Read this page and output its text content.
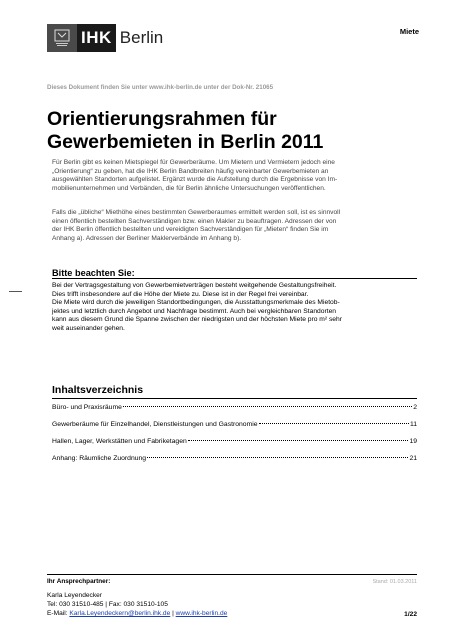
IHK Berlin	Miete
Dieses Dokument finden Sie unter www.ihk-berlin.de unter der Dok-Nr. 21065
Orientierungsrahmen für
Gewerbemieten in Berlin 2011
Für Berlin gibt es keinen Mietspiegel für Gewerberäume. Um Mietern und Vermietern jedoch eine
„Orientierung“ zu geben, hat die IHK Berlin Bandbreiten häufig vereinbarter Gewerbemieten an
ausgewählten Standorten aufgelistet. Ergänzt wurde die Aufstellung durch die Ergebnisse von Im-
mobilienunternehmen und Verbänden, die für Berlin ähnliche Untersuchungen veröffentlichen.
Falls die „übliche“ Miethöhe eines bestimmten Gewerberaumes ermittelt werden soll, ist es sinnvoll
einen öffentlich bestellten Sachverständigen bzw. einen Makler zu beauftragen. Adressen der von
der IHK Berlin öffentlich bestellten und vereidigten Sachverständigen für „Mieten“ finden Sie im
Anhang a). Adressen der Berliner Maklerverbände im Anhang b).
Bitte beachten Sie:
Bei der Vertragsgestaltung von Gewerbemietverträgen besteht weitgehende Gestaltungsfreiheit.
Dies trifft insbesondere auf die Höhe der Miete zu. Diese ist in der Regel frei vereinbar.
Die Miete wird durch die jeweiligen Standortbedingungen, die Ausstattungsmerkmale des Mietob-
jektes und letztlich durch Angebot und Nachfrage bestimmt. Auch bei vergleichbaren Standorten
kann aus diesem Grund die Spanne zwischen der niedrigsten und der höchsten Miete pro m² sehr
weit auseinander gehen.
Inhaltsverzeichnis
Büro- und Praxisräume	2
Gewerberäume für Einzelhandel, Dienstleistungen und Gastronomie	11
Hallen, Lager, Werkstätten und Fabriketagen	19
Anhang: Räumliche Zuordnung	21
Ihr Ansprechpartner:	Stand: 01.03.2011
Karla Leyendecker
Tel: 030 31510-485 | Fax: 030 31510-105
E-Mail: Karla.Leyendeckern@berlin.ihk.de | www.ihk-berlin.de	1/22
